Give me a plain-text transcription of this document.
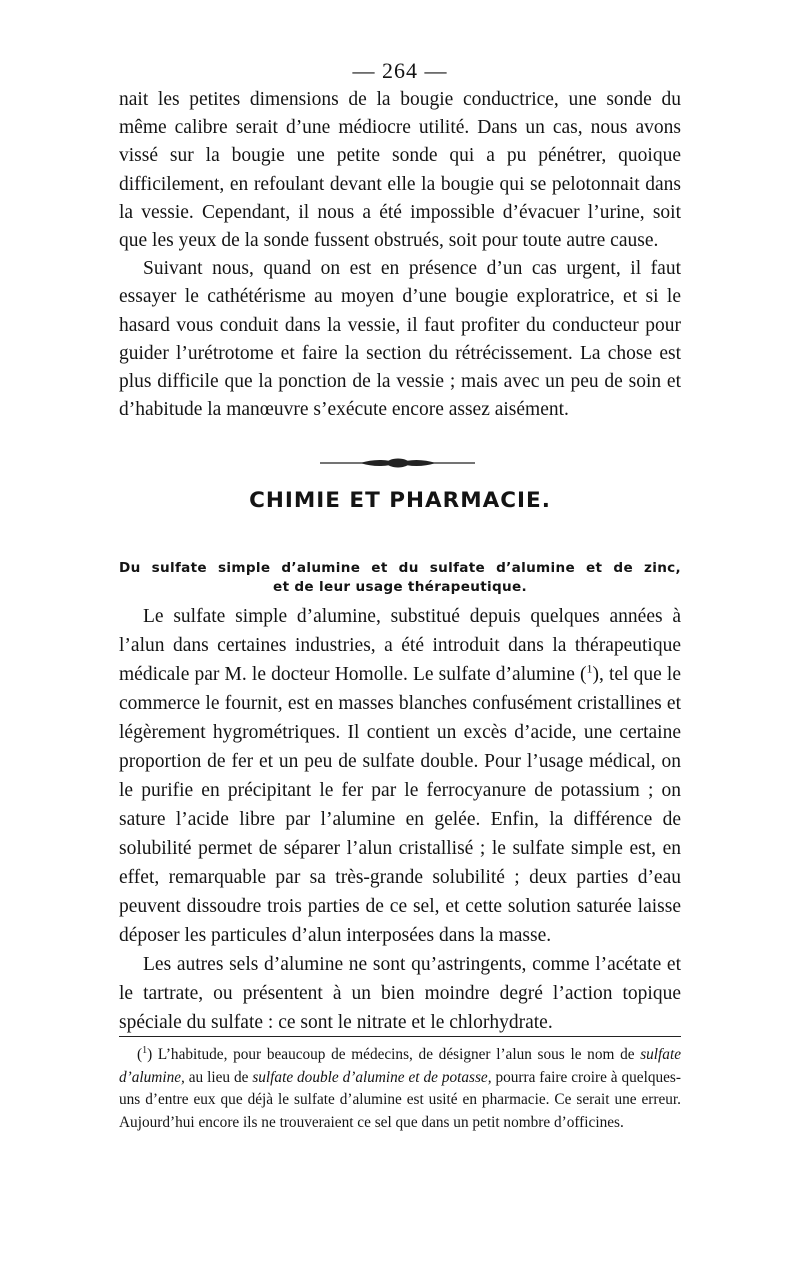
— 264 —

nait les petites dimensions de la bougie conductrice, une sonde du même calibre serait d’une médiocre utilité. Dans un cas, nous avons vissé sur la bougie une petite sonde qui a pu pénétrer, quoique difficilement, en refoulant devant elle la bougie qui se pelotonnait dans la vessie. Cependant, il nous a été impossible d’évacuer l’urine, soit que les yeux de la sonde fussent obstrués, soit pour toute autre cause.

Suivant nous, quand on est en présence d’un cas urgent, il faut essayer le cathétérisme au moyen d’une bougie exploratrice, et si le hasard vous conduit dans la vessie, il faut profiter du conducteur pour guider l’urétrotome et faire la section du rétrécissement. La chose est plus difficile que la ponction de la vessie ; mais avec un peu de soin et d’habitude la manœuvre s’exécute encore assez aisément.

CHIMIE ET PHARMACIE.
Du sulfate simple d’alumine et du sulfate d’alumine et de zinc,
et de leur usage thérapeutique.

Le sulfate simple d’alumine, substitué depuis quelques années à l’alun dans certaines industries, a été introduit dans la thérapeutique médicale par M. le docteur Homolle. Le sulfate d’alumine ($^1$), tel que le commerce le fournit, est en masses blanches confusément cristallines et légèrement hygrométriques. Il contient un excès d’acide, une certaine proportion de fer et un peu de sulfate double. Pour l’usage médical, on le purifie en précipitant le fer par le ferrocyanure de potassium ; on sature l’acide libre par l’alumine en gelée. Enfin, la différence de solubilité permet de séparer l’alun cristallisé ; le sulfate simple est, en effet, remarquable par sa très-grande solubilité ; deux parties d’eau peuvent dissoudre trois parties de ce sel, et cette solution saturée laisse déposer les particules d’alun interposées dans la masse.

Les autres sels d’alumine ne sont qu’astringents, comme l’acétate et le tartrate, ou présentent à un bien moindre degré l’action topique spéciale du sulfate : ce sont le nitrate et le chlorhydrate.

($^1$) L’habitude, pour beaucoup de médecins, de désigner l’alun sous le nom de sulfate d’alumine, au lieu de sulfate double d’alumine et de potasse, pourra faire croire à quelques-uns d’entre eux que déjà le sulfate d’alumine est usité en pharmacie. Ce serait une erreur. Aujourd’hui encore ils ne trouveraient ce sel que dans un petit nombre d’officines.
